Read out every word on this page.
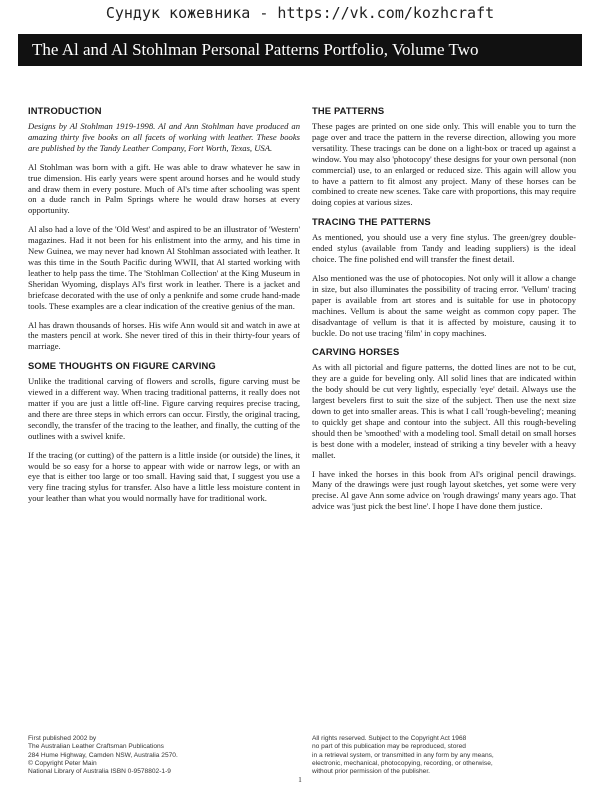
Сундук кожевника - https://vk.com/kozhcraft
The Al and Al Stohlman Personal Patterns Portfolio, Volume Two
INTRODUCTION

Designs by Al Stohlman 1919-1998. Al and Ann Stohlman have produced an amazing thirty five books on all facets of working with leather. These books are published by the Tandy Leather Company, Fort Worth, Texas, USA.

Al Stohlman was born with a gift. He was able to draw whatever he saw in true dimension. His early years were spent around horses and he would study and draw them in every posture. Much of Al's time after schooling was spent on a dude ranch in Palm Springs where he would draw horses at every opportunity.

Al also had a love of the 'Old West' and aspired to be an illustrator of 'Western' magazines. Had it not been for his enlistment into the army, and his time in New Guinea, we may never had known Al Stohlman associated with leather. It was this time in the South Pacific during WWII, that Al started working with leather to help pass the time. The 'Stohlman Collection' at the King Museum in Sheridan Wyoming, displays Al's first work in leather. There is a jacket and briefcase decorated with the use of only a penknife and some crude hand-made tools. These examples are a clear indication of the creative genius of the man.

Al has drawn thousands of horses. His wife Ann would sit and watch in awe at the masters pencil at work. She never tired of this in their thirty-four years of marriage.

SOME THOUGHTS ON FIGURE CARVING

Unlike the traditional carving of flowers and scrolls, figure carving must be viewed in a different way. When tracing traditional patterns, it really does not matter if you are just a little off-line. Figure carving requires precise tracing, and there are three steps in which errors can occur. Firstly, the original tracing, secondly, the transfer of the tracing to the leather, and finally, the cutting of the outlines with a swivel knife.

If the tracing (or cutting) of the pattern is a little inside (or outside) the lines, it would be so easy for a horse to appear with wide or narrow legs, or with an eye that is either too large or too small. Having said that, I suggest you use a very fine tracing stylus for transfer. Also have a little less moisture content in your leather than what you would normally have for traditional work.

THE PATTERNS

These pages are printed on one side only. This will enable you to turn the page over and trace the pattern in the reverse direction, allowing you more versatility. These tracings can be done on a light-box or traced up against a window. You may also 'photocopy' these designs for your own personal (non commercial) use, to an enlarged or reduced size. This again will allow you to have a pattern to fit almost any project. Many of these horses can be combined to create new scenes. Take care with proportions, this may require doing copies at various sizes.

TRACING THE PATTERNS

As mentioned, you should use a very fine stylus. The green/grey double-ended stylus (available from Tandy and leading suppliers) is the ideal choice. The fine polished end will transfer the finest detail.

Also mentioned was the use of photocopies. Not only will it allow a change in size, but also illuminates the possibility of tracing error. 'Vellum' tracing paper is available from art stores and is suitable for use in photocopy machines. Vellum is about the same weight as common copy paper. The disadvantage of vellum is that it is affected by moisture, causing it to buckle. Do not use tracing 'film' in copy machines.

CARVING HORSES

As with all pictorial and figure patterns, the dotted lines are not to be cut, they are a guide for beveling only. All solid lines that are indicated within the body should be cut very lightly, especially 'eye' detail. Always use the largest bevelers first to suit the size of the subject. Then use the next size down to get into smaller areas. This is what I call 'rough-beveling'; meaning to quickly get shape and contour into the subject. All this rough-beveling should then be 'smoothed' with a modeling tool. Small detail on small horses is best done with a modeler, instead of striking a tiny beveler with a heavy mallet.

I have inked the horses in this book from Al's original pencil drawings. Many of the drawings were just rough layout sketches, yet some were very precise. Al gave Ann some advice on 'rough drawings' many years ago. That advice was 'just pick the best line'. I hope I have done them justice.

First published 2002 by
The Australian Leather Craftsman Publications
284 Hume Highway, Camden NSW, Australia 2570.
© Copyright Peter Main
National Library of Australia ISBN 0-9578802-1-9
All rights reserved. Subject to the Copyright Act 1968
no part of this publication may be reproduced, stored
in a retrieval system, or transmitted in any form by any means,
electronic, mechanical, photocopying, recording, or otherwise,
without prior permission of the publisher.
1
